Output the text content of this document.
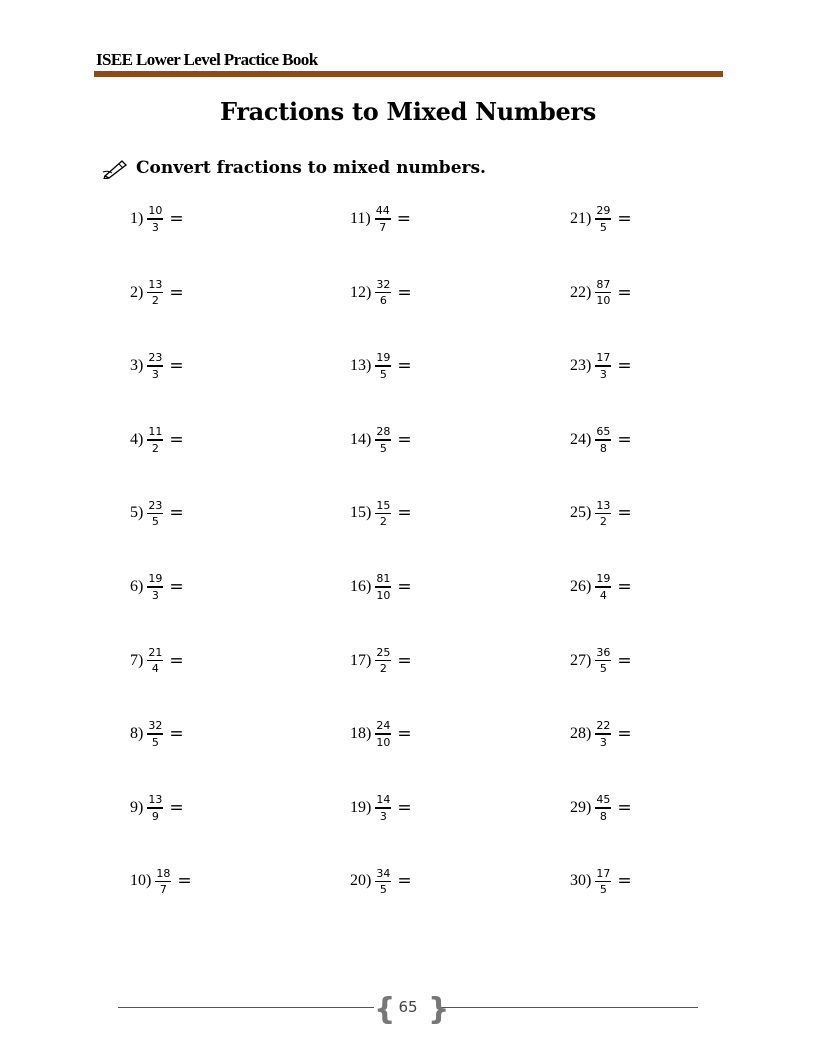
ISEE Lower Level Practice Book
Fractions to Mixed Numbers
Convert fractions to mixed numbers.
$1) \frac{10}{3}$ =
$2) \frac{13}{2}$ =
$3) \frac{23}{3}$ =
$4) \frac{11}{2}$ =
$5) \frac{23}{5}$ =
$6) \frac{19}{3}$ =
$7) \frac{21}{4}$ =
$8) \frac{32}{5}$ =
$9) \frac{13}{9}$ =
$10) \frac{18}{7}$ =
$11) \frac{44}{7}$ =
$12) \frac{32}{6}$ =
$13) \frac{19}{5}$ =
$14) \frac{28}{5}$ =
$15) \frac{15}{2}$ =
$16) \frac{81}{10}$ =
$17) \frac{25}{2}$ =
$18) \frac{24}{10}$ =
$19) \frac{14}{3}$ =
$20) \frac{34}{5}$ =
$21) \frac{29}{5}$ =
$22) \frac{87}{10}$ =
$23) \frac{17}{3}$ =
$24) \frac{65}{8}$ =
$25) \frac{13}{2}$ =
$26) \frac{19}{4}$ =
$27) \frac{36}{5}$ =
$28) \frac{22}{3}$ =
$29) \frac{45}{8}$ =
$30) \frac{17}{5}$ =
{ }
65
